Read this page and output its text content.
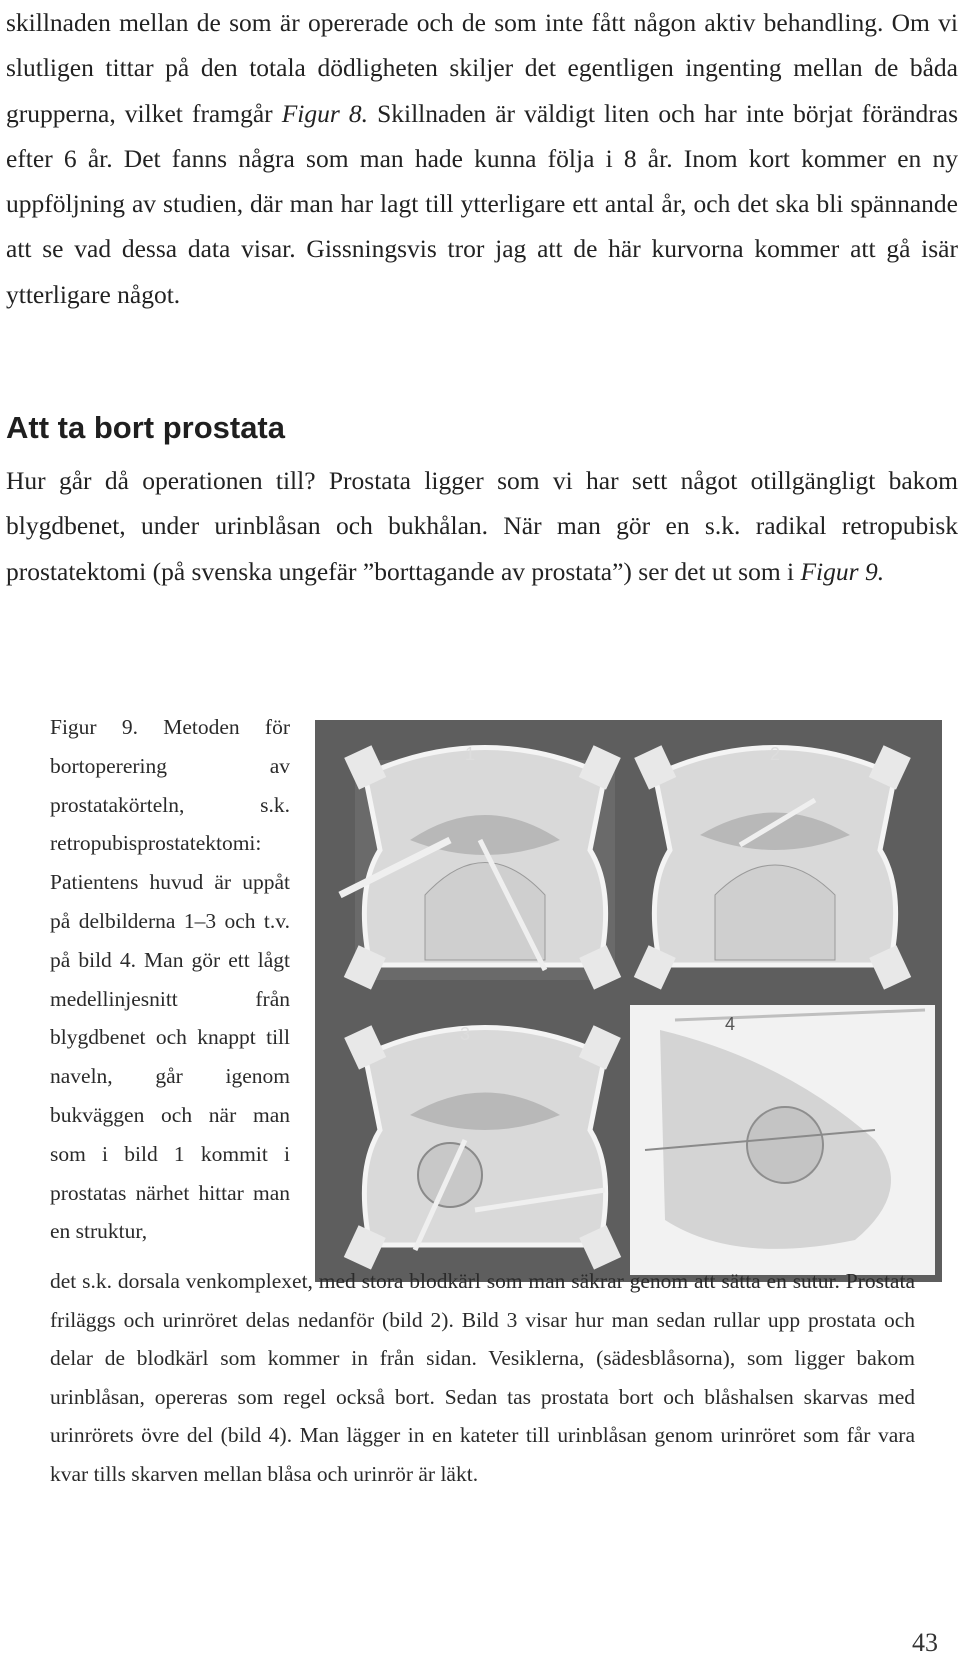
skillnaden mellan de som är opererade och de som inte fått någon aktiv behandling. Om vi slutligen tittar på den totala dödligheten skiljer det egentligen ingenting mellan de båda grupperna, vilket framgår Figur 8. Skillnaden är väldigt liten och har inte börjat förändras efter 6 år. Det fanns några som man hade kunna följa i 8 år. Inom kort kommer en ny uppföljning av studien, där man har lagt till ytterligare ett antal år, och det ska bli spännande att se vad dessa data visar. Gissningsvis tror jag att de här kurvorna kommer att gå isär ytterligare något.
Att ta bort prostata
Hur går då operationen till? Prostata ligger som vi har sett något otillgängligt bakom blygdbenet, under urinblåsan och bukhålan. När man gör en s.k. radikal retropubisk prostatektomi (på svenska ungefär ”borttagande av prostata”) ser det ut som i Figur 9.
Figur 9. Metoden för bortoperering av prostatakörteln, s.k. retropubisprostatektomi: Patientens huvud är uppåt på delbilderna 1–3 och t.v. på bild 4. Man gör ett lågt medellinjesnitt från blygdbenet och knappt till naveln, går igenom bukväggen och när man som i bild 1 kommit i prostatas närhet hittar man en struktur,
1	2
3	4
det s.k. dorsala venkomplexet, med stora blodkärl som man säkrar genom att sätta en sutur. Prostata friläggs och urinröret delas nedanför (bild 2). Bild 3 visar hur man sedan rullar upp prostata och delar de blodkärl som kommer in från sidan. Vesiklerna, (sädesblåsorna), som ligger bakom urinblåsan, opereras som regel också bort. Sedan tas prostata bort och blåshalsen skarvas med urinrörets övre del (bild 4). Man lägger in en kateter till urinblåsan genom urinröret som får vara kvar tills skarven mellan blåsa och urinrör är läkt.
43
